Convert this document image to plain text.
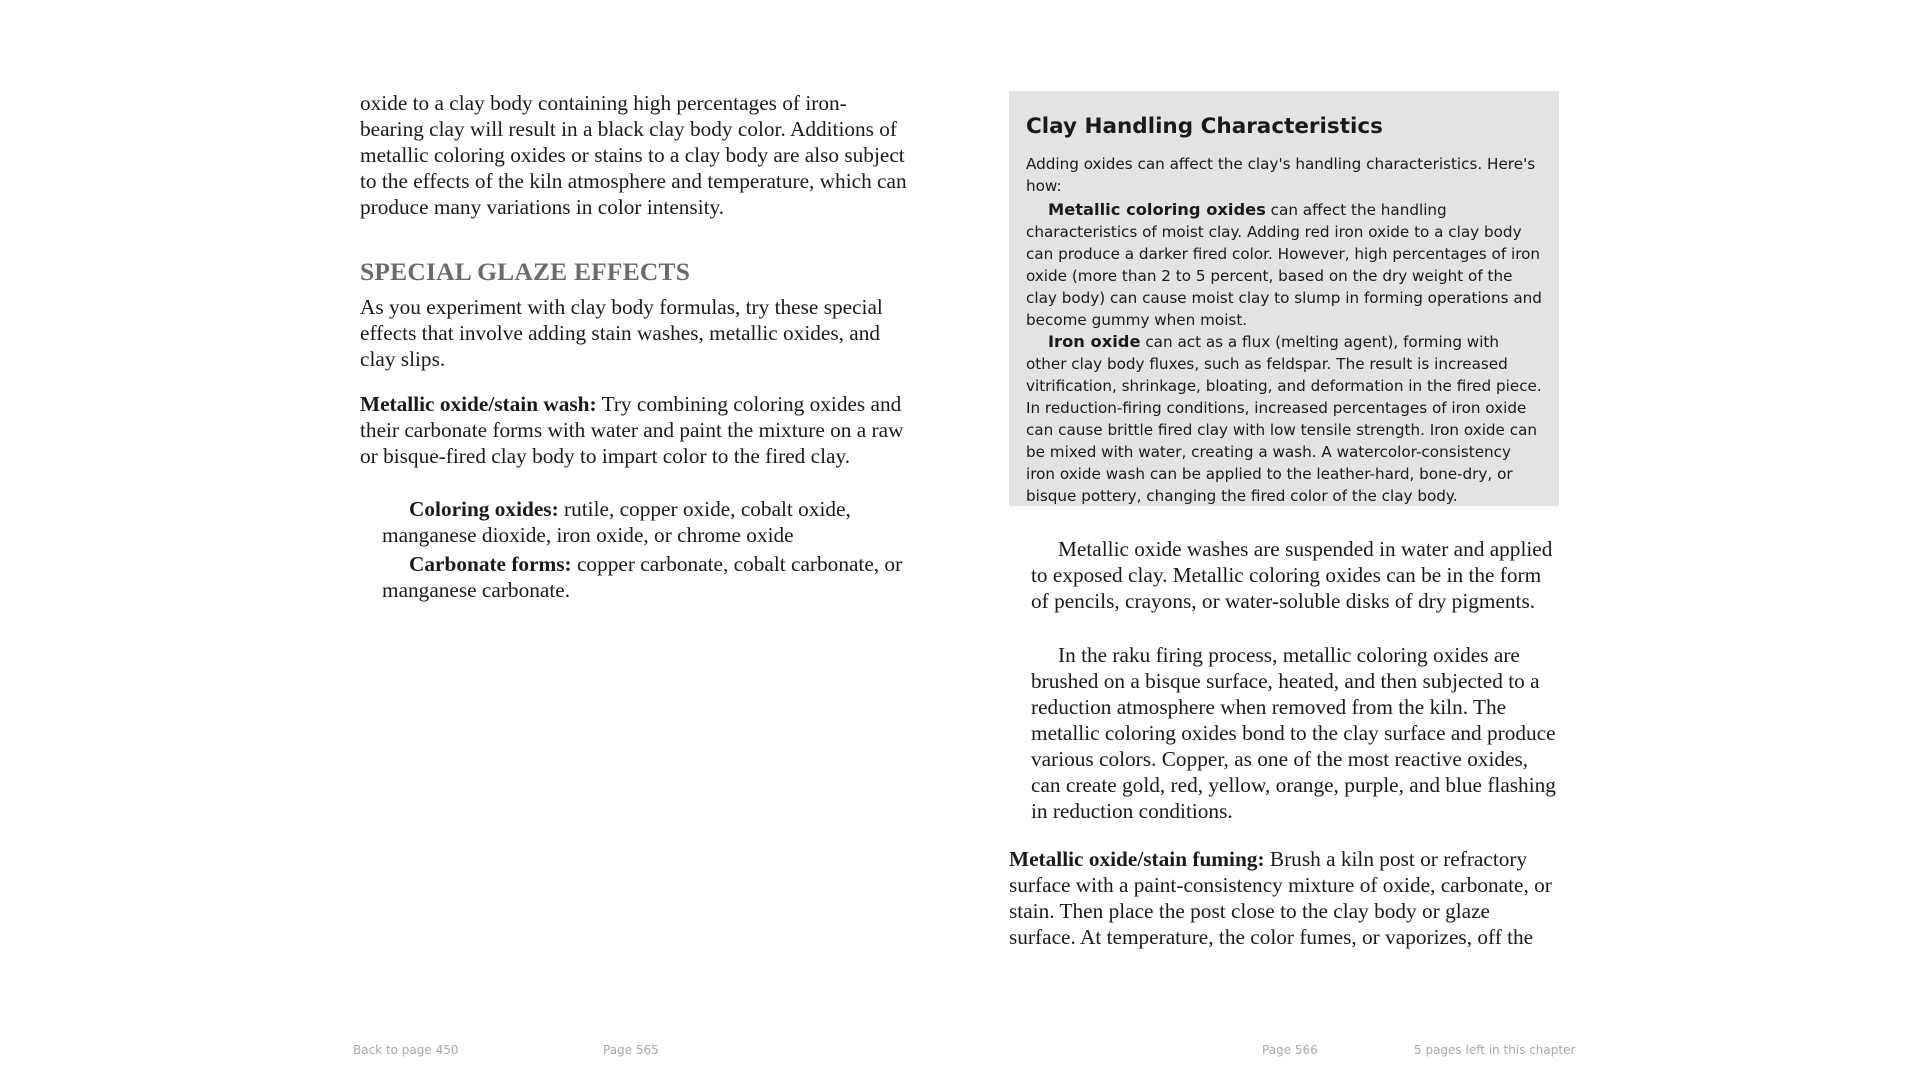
oxide to a clay body containing high percentages of iron-bearing clay will result in a black clay body color. Additions of metallic coloring oxides or stains to a clay body are also subject to the effects of the kiln atmosphere and temperature, which can produce many variations in color intensity.

SPECIAL GLAZE EFFECTS

As you experiment with clay body formulas, try these special effects that involve adding stain washes, metallic oxides, and clay slips.

Metallic oxide/stain wash: Try combining coloring oxides and their carbonate forms with water and paint the mixture on a raw or bisque-fired clay body to impart color to the fired clay.

Coloring oxides: rutile, copper oxide, cobalt oxide, manganese dioxide, iron oxide, or chrome oxide

Carbonate forms: copper carbonate, cobalt carbonate, or manganese carbonate.

Clay Handling Characteristics

Adding oxides can affect the clay's handling characteristics. Here's how:

Metallic coloring oxides can affect the handling characteristics of moist clay. Adding red iron oxide to a clay body can produce a darker fired color. However, high percentages of iron oxide (more than 2 to 5 percent, based on the dry weight of the clay body) can cause moist clay to slump in forming operations and become gummy when moist.

Iron oxide can act as a flux (melting agent), forming with other clay body fluxes, such as feldspar. The result is increased vitrification, shrinkage, bloating, and deformation in the fired piece. In reduction-firing conditions, increased percentages of iron oxide can cause brittle fired clay with low tensile strength. Iron oxide can be mixed with water, creating a wash. A watercolor-consistency iron oxide wash can be applied to the leather-hard, bone-dry, or bisque pottery, changing the fired color of the clay body.

Metallic oxide washes are suspended in water and applied to exposed clay. Metallic coloring oxides can be in the form of pencils, crayons, or water-soluble disks of dry pigments.

In the raku firing process, metallic coloring oxides are brushed on a bisque surface, heated, and then subjected to a reduction atmosphere when removed from the kiln. The metallic coloring oxides bond to the clay surface and produce various colors. Copper, as one of the most reactive oxides, can create gold, red, yellow, orange, purple, and blue flashing in reduction conditions.

Metallic oxide/stain fuming: Brush a kiln post or refractory surface with a paint-consistency mixture of oxide, carbonate, or stain. Then place the post close to the clay body or glaze surface. At temperature, the color fumes, or vaporizes, off the

Back to page 450	Page 565	Page 566	5 pages left in this chapter
